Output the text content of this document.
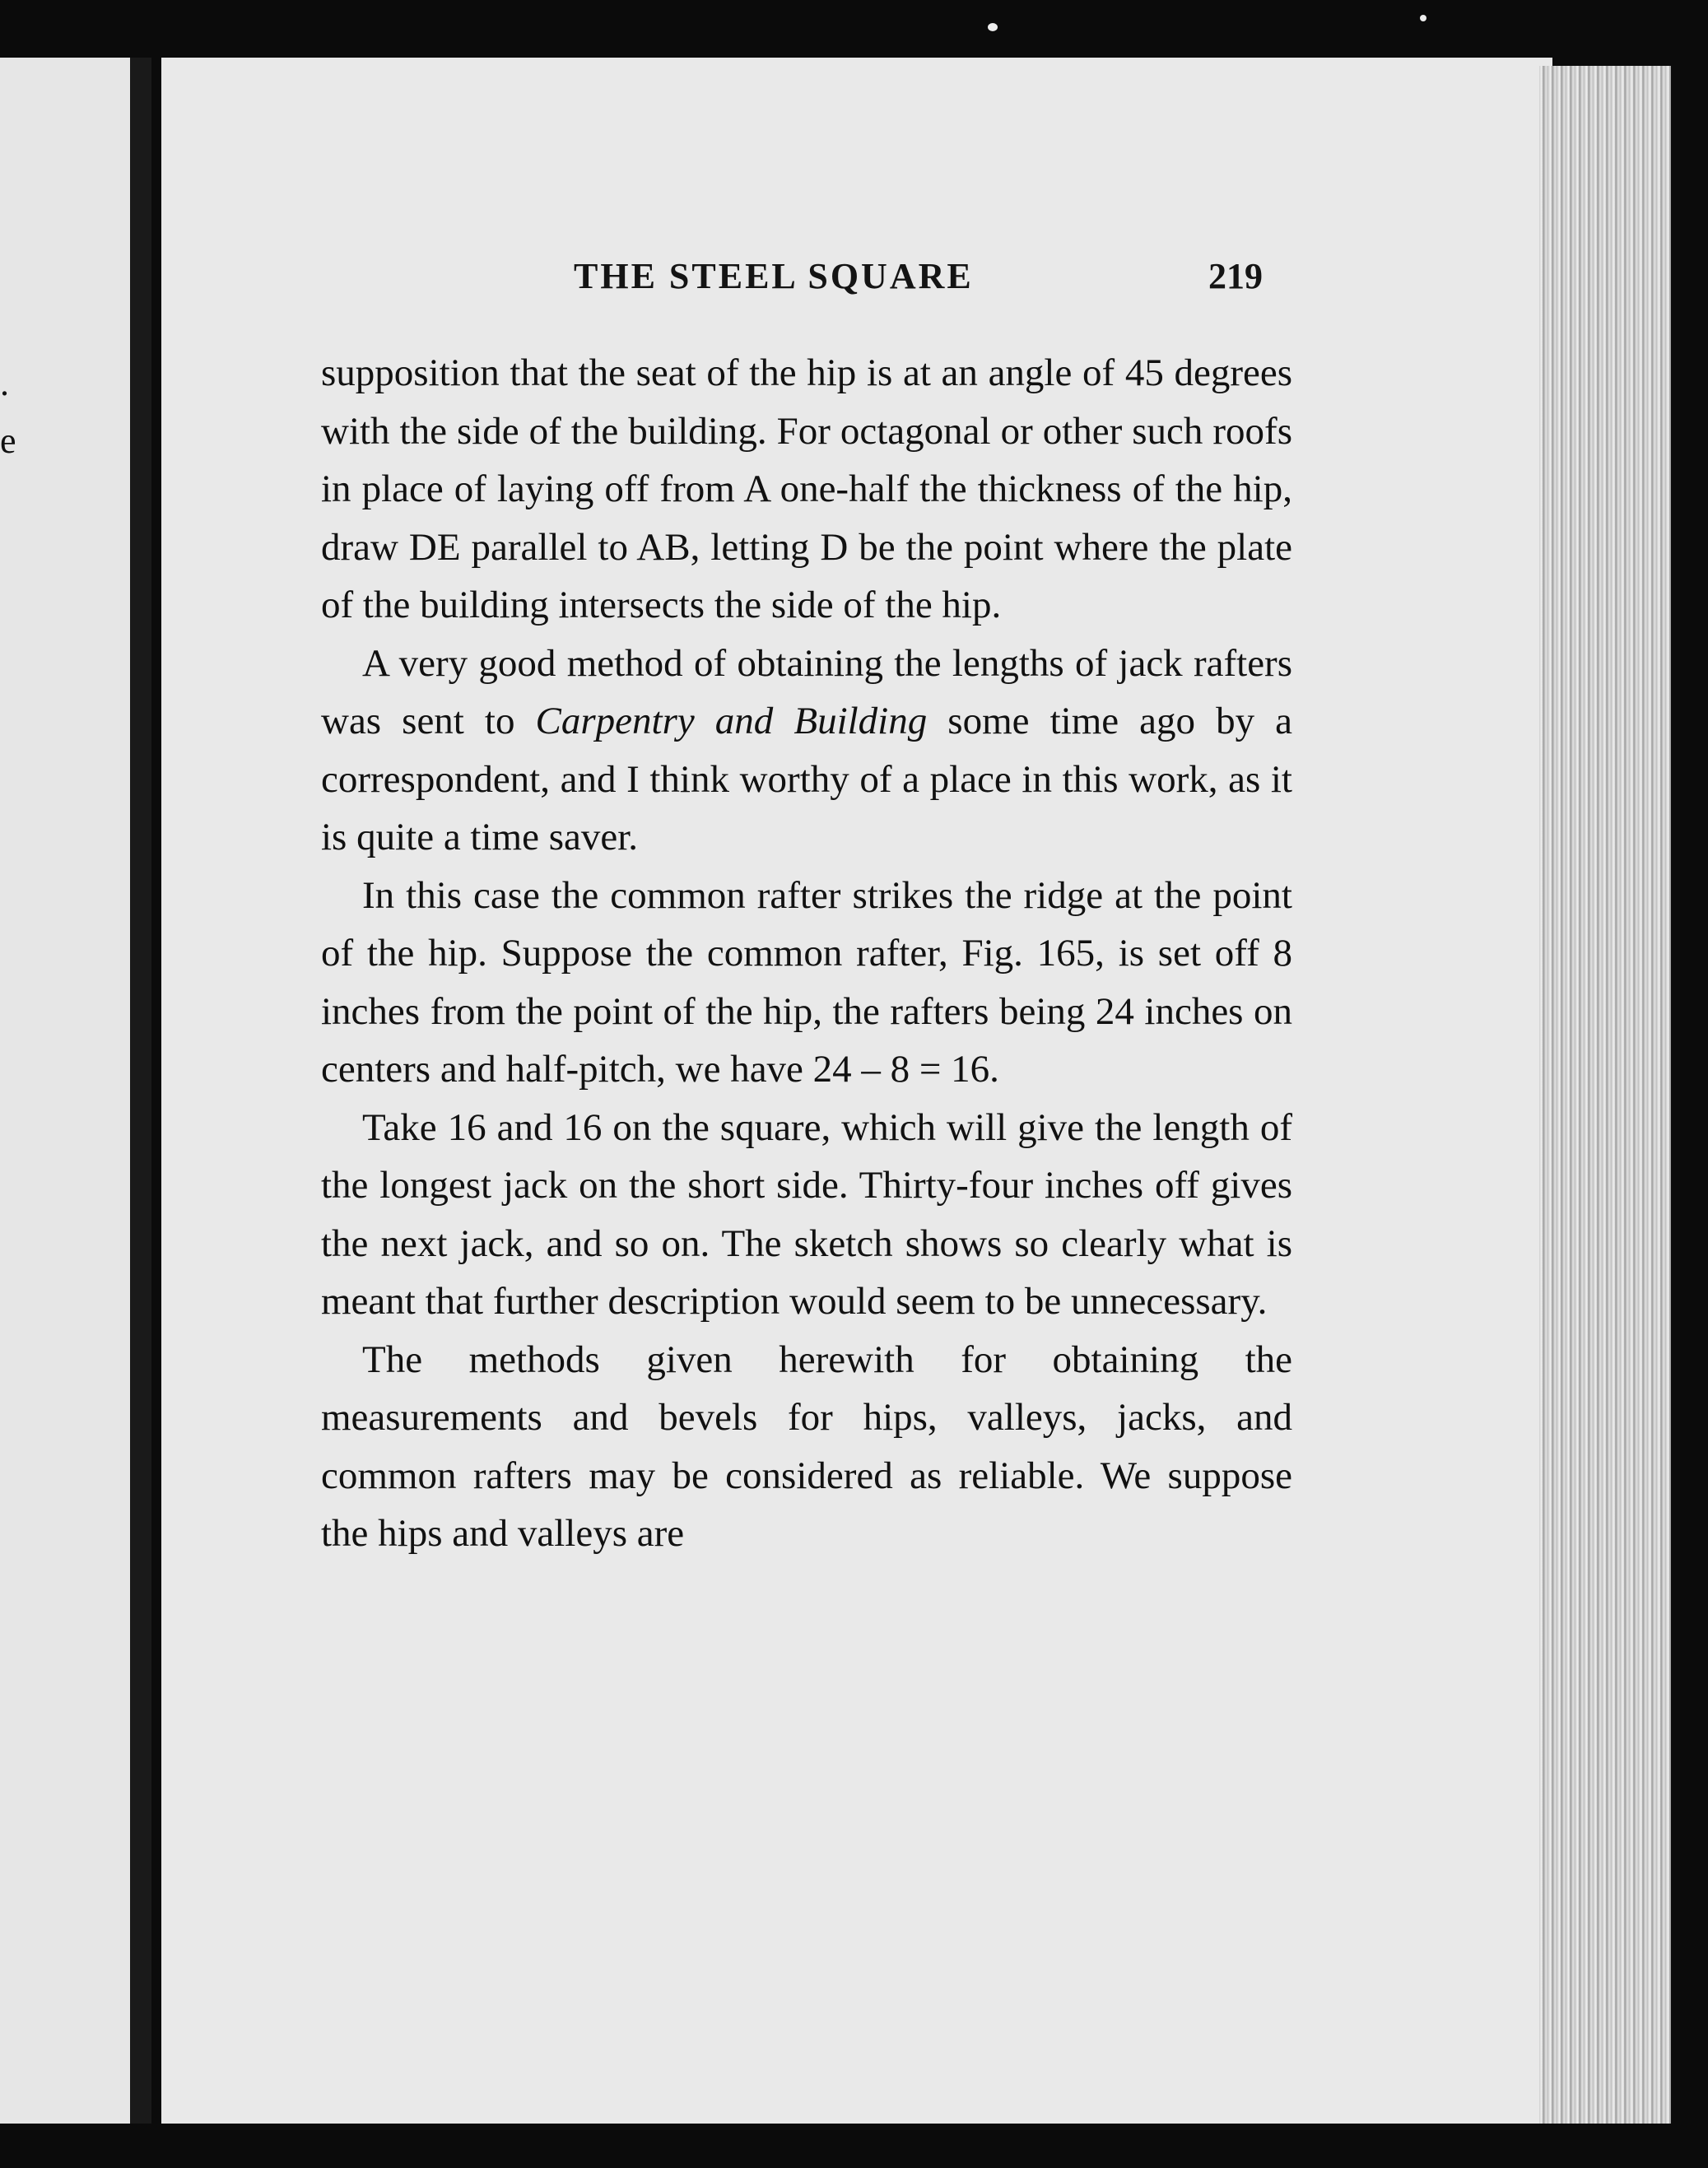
.
e
THE STEEL SQUARE	219

supposition that the seat of the hip is at an angle of 45 degrees with the side of the building. For octagonal or other such roofs in place of laying off from A one-half the thickness of the hip, draw DE parallel to AB, letting D be the point where the plate of the building intersects the side of the hip.

A very good method of obtaining the lengths of jack rafters was sent to Carpentry and Building some time ago by a correspondent, and I think worthy of a place in this work, as it is quite a time saver.

In this case the common rafter strikes the ridge at the point of the hip. Suppose the common rafter, Fig. 165, is set off 8 inches from the point of the hip, the rafters being 24 inches on centers and half-pitch, we have 24 – 8 = 16.

Take 16 and 16 on the square, which will give the length of the longest jack on the short side. Thirty-four inches off gives the next jack, and so on. The sketch shows so clearly what is meant that further description would seem to be unnecessary.

The methods given herewith for obtaining the measurements and bevels for hips, valleys, jacks, and common rafters may be considered as reliable. We suppose the hips and valleys are
